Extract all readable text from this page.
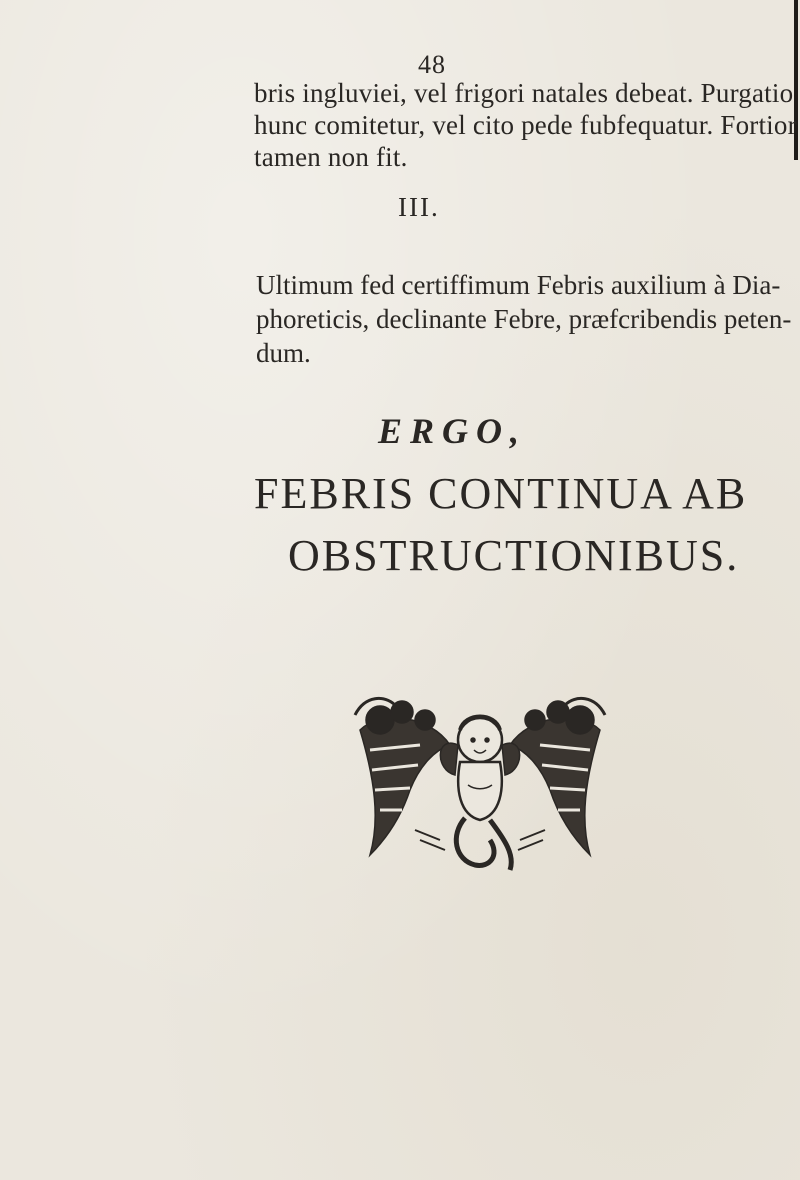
48
bris ingluviei, vel frigori natales debeat. Purgatio
hunc comitetur, vel cito pede fubfequatur. Fortior
tamen non fit.
III.
Ultimum fed certiffimum Febris auxilium à Dia-
phoreticis, declinante Febre, præfcribendis peten-
dum.
ERGO,
FEBRIS CONTINUA AB
OBSTRUCTIONIBUS.
